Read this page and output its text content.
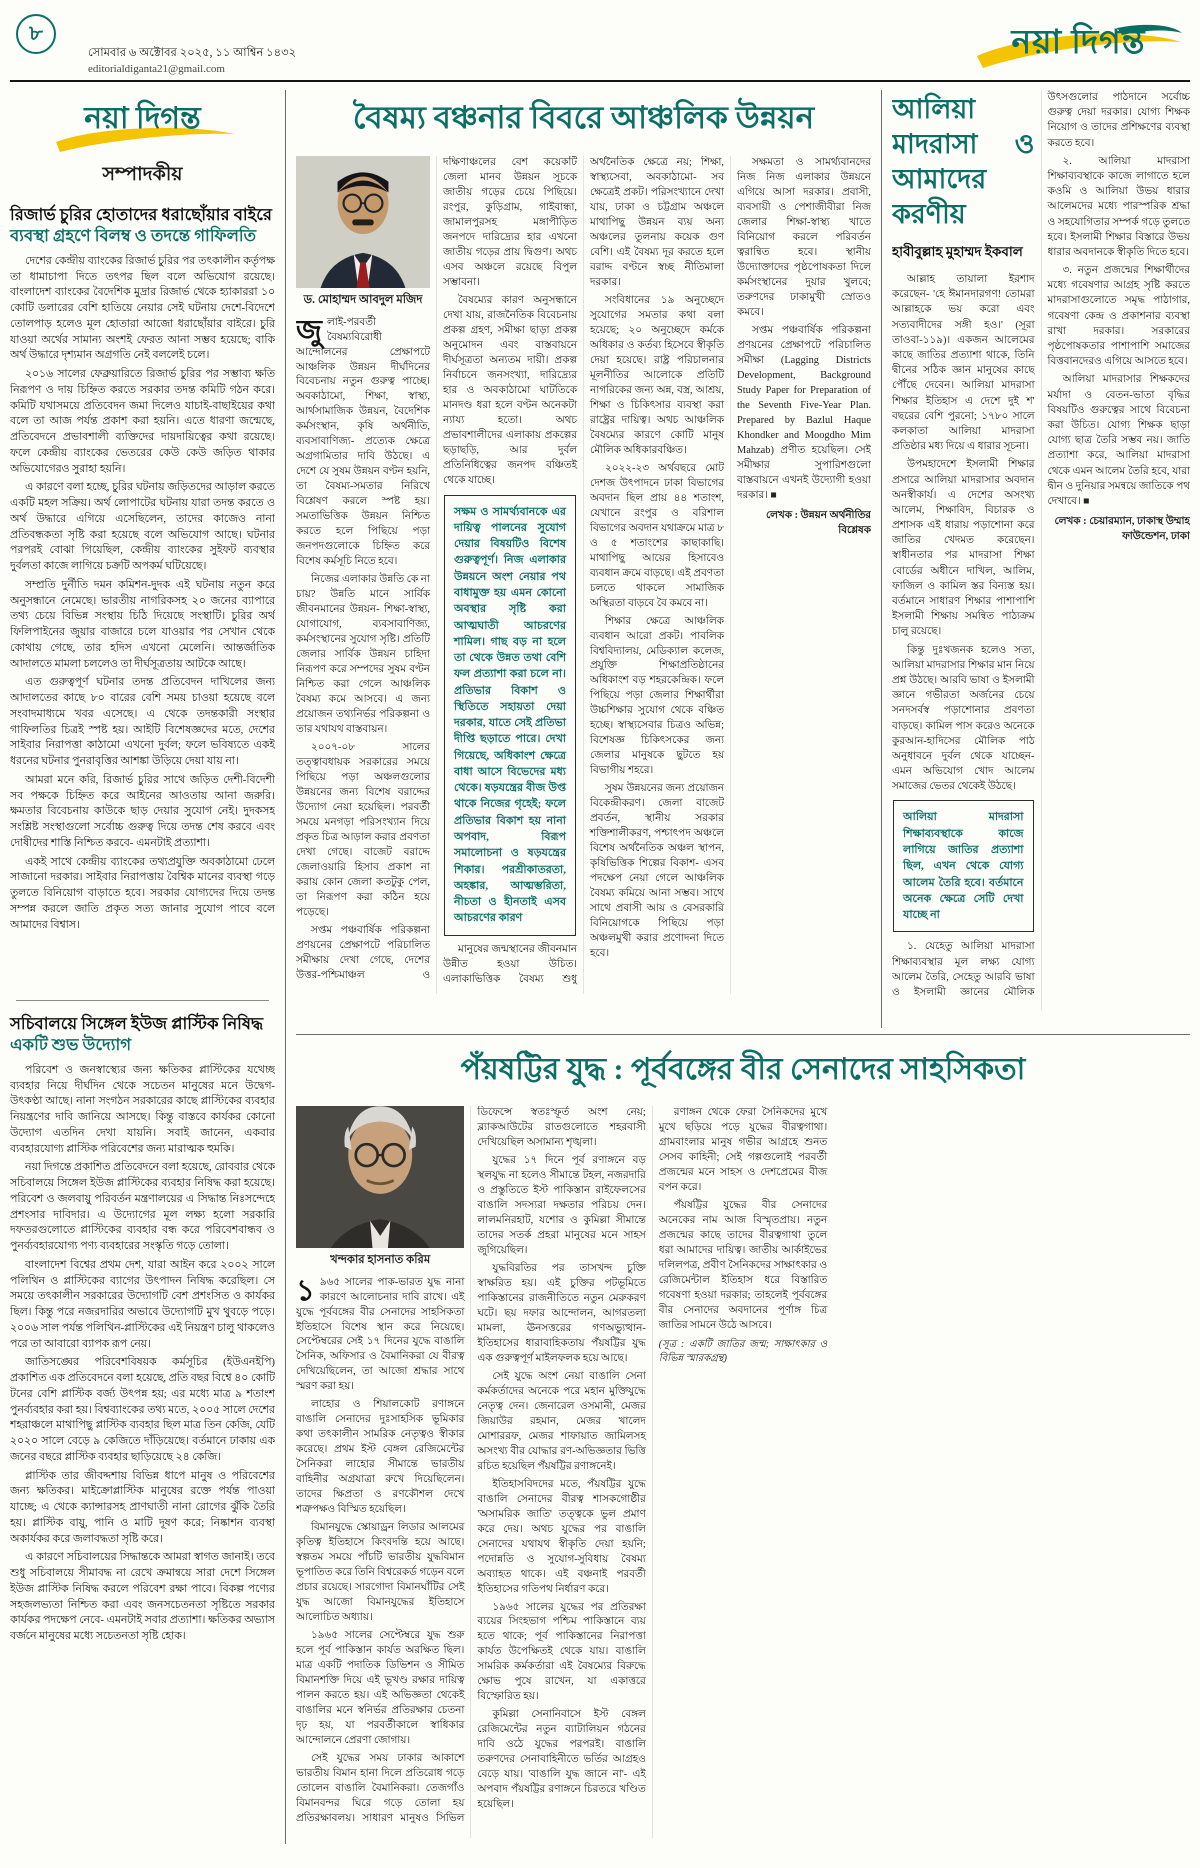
৮
সোমবার ৬ অক্টোবর ২০২৫, ১১ আশ্বিন ১৪৩২
editorialdiganta21@gmail.com
নয়া দিগন্ত
নয়া দিগন্ত
সম্পাদকীয়
রিজার্ভ চুরির হোতাদের ধরাছোঁয়ার বাইরে
ব্যবস্থা গ্রহণে বিলম্ব ও তদন্তে গাফিলতি

দেশের কেন্দ্রীয় ব্যাংকের রিজার্ভ চুরির পর তৎকালীন কর্তৃপক্ষ তা ধামাচাপা দিতে তৎপর ছিল বলে অভিযোগ রয়েছে। বাংলাদেশ ব্যাংকের বৈদেশিক মুদ্রার রিজার্ভ থেকে হ্যাকাররা ১০ কোটি ডলারের বেশি হাতিয়ে নেয়ার সেই ঘটনায় দেশে-বিদেশে তোলপাড় হলেও মূল হোতারা আজো ধরাছোঁয়ার বাইরে। চুরি যাওয়া অর্থের সামান্য অংশই ফেরত আনা সম্ভব হয়েছে; বাকি অর্থ উদ্ধারে দৃশ্যমান অগ্রগতি নেই বললেই চলে।

২০১৬ সালের ফেব্রুয়ারিতে রিজার্ভ চুরির পর সম্ভাব্য ক্ষতি নিরূপণ ও দায় চিহ্নিত করতে সরকার তদন্ত কমিটি গঠন করে। কমিটি যথাসময়ে প্রতিবেদন জমা দিলেও যাচাই-বাছাইয়ের কথা বলে তা আজ পর্যন্ত প্রকাশ করা হয়নি। এতে ধারণা জন্মেছে, প্রতিবেদনে প্রভাবশালী ব্যক্তিদের দায়দায়িত্বের কথা রয়েছে। ফলে কেন্দ্রীয় ব্যাংকের ভেতরের কেউ কেউ জড়িত থাকার অভিযোগেরও সুরাহা হয়নি।

এ কারণে বলা হচ্ছে, চুরির ঘটনায় জড়িতদের আড়াল করতে একটি মহল সক্রিয়। অর্থ লোপাটের ঘটনায় যারা তদন্ত করতে ও অর্থ উদ্ধারে এগিয়ে এসেছিলেন, তাদের কাজেও নানা প্রতিবন্ধকতা সৃষ্টি করা হয়েছে বলে অভিযোগ আছে। ঘটনার পরপরই বোঝা গিয়েছিল, কেন্দ্রীয় ব্যাংকের সুইফট ব্যবস্থার দুর্বলতা কাজে লাগিয়ে চক্রটি অপকর্ম ঘটিয়েছে।

সম্প্রতি দুর্নীতি দমন কমিশন-দুদক এই ঘটনায় নতুন করে অনুসন্ধানে নেমেছে। ভারতীয় নাগরিকসহ ২০ জনের ব্যাপারে তথ্য চেয়ে বিভিন্ন সংস্থায় চিঠি দিয়েছে সংস্থাটি। চুরির অর্থ ফিলিপাইনের জুয়ার বাজারে চলে যাওয়ার পর সেখান থেকে কোথায় গেছে, তার হদিস এখনো মেলেনি। আন্তর্জাতিক আদালতে মামলা চললেও তা দীর্ঘসূত্রতায় আটকে আছে।

এত গুরুত্বপূর্ণ ঘটনার তদন্ত প্রতিবেদন দাখিলের জন্য আদালতের কাছে ৮০ বারের বেশি সময় চাওয়া হয়েছে বলে সংবাদমাধ্যমে খবর এসেছে। এ থেকে তদন্তকারী সংস্থার গাফিলতির চিত্রই স্পষ্ট হয়। আইটি বিশেষজ্ঞদের মতে, দেশের সাইবার নিরাপত্তা কাঠামো এখনো দুর্বল; ফলে ভবিষ্যতে একই ধরনের ঘটনার পুনরাবৃত্তির আশঙ্কা উড়িয়ে দেয়া যায় না।

আমরা মনে করি, রিজার্ভ চুরির সাথে জড়িত দেশী-বিদেশী সব পক্ষকে চিহ্নিত করে আইনের আওতায় আনা জরুরি। ক্ষমতার বিবেচনায় কাউকে ছাড় দেয়ার সুযোগ নেই। দুদকসহ সংশ্লিষ্ট সংস্থাগুলো সর্বোচ্চ গুরুত্ব দিয়ে তদন্ত শেষ করবে এবং দোষীদের শাস্তি নিশ্চিত করবে- এমনটাই প্রত্যাশা।

একই সাথে কেন্দ্রীয় ব্যাংকের তথ্যপ্রযুক্তি অবকাঠামো ঢেলে সাজানো দরকার। সাইবার নিরাপত্তায় বৈশ্বিক মানের ব্যবস্থা গড়ে তুলতে বিনিয়োগ বাড়াতে হবে। সরকার যোগ্যদের দিয়ে তদন্ত সম্পন্ন করলে জাতি প্রকৃত সত্য জানার সুযোগ পাবে বলে আমাদের বিশ্বাস।

সচিবালয়ে সিঙ্গেল ইউজ প্লাস্টিক নিষিদ্ধ
একটি শুভ উদ্যোগ

পরিবেশ ও জনস্বাস্থ্যের জন্য ক্ষতিকর প্লাস্টিকের যথেচ্ছ ব্যবহার নিয়ে দীর্ঘদিন থেকে সচেতন মানুষের মনে উদ্বেগ-উৎকণ্ঠা আছে। নানা সংগঠন সরকারের কাছে প্লাস্টিকের ব্যবহার নিয়ন্ত্রণের দাবি জানিয়ে আসছে। কিন্তু বাস্তবে কার্যকর কোনো উদ্যোগ এতদিন দেখা যায়নি। সবাই জানেন, একবার ব্যবহারযোগ্য প্লাস্টিক পরিবেশের জন্য মারাত্মক হুমকি।

নয়া দিগন্তে প্রকাশিত প্রতিবেদনে বলা হয়েছে, রোববার থেকে সচিবালয়ে সিঙ্গেল ইউজ প্লাস্টিকের ব্যবহার নিষিদ্ধ করা হয়েছে। পরিবেশ ও জলবায়ু পরিবর্তন মন্ত্রণালয়ের এ সিদ্ধান্ত নিঃসন্দেহে প্রশংসার দাবিদার। এ উদ্যোগের মূল লক্ষ্য হলো সরকারি দফতরগুলোতে প্লাস্টিকের ব্যবহার বন্ধ করে পরিবেশবান্ধব ও পুনর্ব্যবহারযোগ্য পণ্য ব্যবহারের সংস্কৃতি গড়ে তোলা।

বাংলাদেশ বিশ্বের প্রথম দেশ, যারা আইন করে ২০০২ সালে পলিথিন ও প্লাস্টিকের ব্যাগের উৎপাদন নিষিদ্ধ করেছিল। সে সময়ে তৎকালীন সরকারের উদ্যোগটি বেশ প্রশংসিত ও কার্যকর ছিল। কিন্তু পরে নজরদারির অভাবে উদ্যোগটি মুখ থুবড়ে পড়ে। ২০০৬ সাল পর্যন্ত পলিথিন-প্লাস্টিকের এই নিয়ন্ত্রণ চালু থাকলেও পরে তা আবারো ব্যাপক রূপ নেয়।

জাতিসঙ্ঘের পরিবেশবিষয়ক কর্মসূচির (ইউএনইপি) প্রকাশিত এক প্রতিবেদনে বলা হয়েছে, প্রতি বছর বিশ্বে ৪০ কোটি টনের বেশি প্লাস্টিক বর্জ্য উৎপন্ন হয়; এর মধ্যে মাত্র ৯ শতাংশ পুনর্ব্যবহার করা হয়। বিশ্বব্যাংকের তথ্য মতে, ২০০৫ সালে দেশের শহরাঞ্চলে মাথাপিছু প্লাস্টিক ব্যবহার ছিল মাত্র তিন কেজি, যেটি ২০২০ সালে বেড়ে ৯ কেজিতে দাঁড়িয়েছে। বর্তমানে ঢাকায় এক জনের বছরে প্লাস্টিক ব্যবহার ছাড়িয়েছে ২৪ কেজি।

প্লাস্টিক তার জীবদ্দশায় বিভিন্ন ধাপে মানুষ ও পরিবেশের জন্য ক্ষতিকর। মাইক্রোপ্লাস্টিক মানুষের রক্তে পর্যন্ত পাওয়া যাচ্ছে; এ থেকে ক্যান্সারসহ প্রাণঘাতী নানা রোগের ঝুঁকি তৈরি হয়। প্লাস্টিক বায়ু, পানি ও মাটি দূষণ করে; নিষ্কাশন ব্যবস্থা অকার্যকর করে জলাবদ্ধতা সৃষ্টি করে।

এ কারণে সচিবালয়ের সিদ্ধান্তকে আমরা স্বাগত জানাই। তবে শুধু সচিবালয়ে সীমাবদ্ধ না রেখে ক্রমান্বয়ে সারা দেশে সিঙ্গেল ইউজ প্লাস্টিক নিষিদ্ধ করলে পরিবেশ রক্ষা পাবে। বিকল্প পণ্যের সহজলভ্যতা নিশ্চিত করা এবং জনসচেতনতা সৃষ্টিতে সরকার কার্যকর পদক্ষেপ নেবে- এমনটাই সবার প্রত্যাশা। ক্ষতিকর অভ্যাস বর্জনে মানুষের মধ্যে সচেতনতা সৃষ্টি হোক।

বৈষম্য বঞ্চনার বিবরে আঞ্চলিক উন্নয়ন
ড. মোহাম্মদ আবদুল মজিদ

জুলাই-পরবর্তী বৈষম্যবিরোধী আন্দোলনের প্রেক্ষাপটে আঞ্চলিক উন্নয়ন দীর্ঘদিনের বিবেচনায় নতুন গুরুত্ব পাচ্ছে। অবকাঠামো, শিক্ষা, স্বাস্থ্য, আর্থসামাজিক উন্নয়ন, বৈদেশিক কর্মসংস্থান, কৃষি অর্থনীতি, ব্যবসাবাণিজ্য- প্রত্যেক ক্ষেত্রে অগ্রগামিতার দাবি উঠছে। এ দেশে যে সুষম উন্নয়ন বণ্টন হয়নি, তা বৈষম্য-সমতার নিরিখে বিশ্লেষণ করলে স্পষ্ট হয়। সমতাভিত্তিক উন্নয়ন নিশ্চিত করতে হলে পিছিয়ে পড়া জনপদগুলোকে চিহ্নিত করে বিশেষ কর্মসূচি নিতে হবে।

নিজের এলাকার উন্নতি কে না চায়? উন্নতি মানে সার্বিক জীবনমানের উন্নয়ন- শিক্ষা-স্বাস্থ্য, যোগাযোগ, ব্যবসাবাণিজ্য, কর্মসংস্থানের সুযোগ সৃষ্টি। প্রতিটি জেলার সার্বিক উন্নয়ন চাহিদা নিরূপণ করে সম্পদের সুষম বণ্টন নিশ্চিত করা গেলে আঞ্চলিক বৈষম্য কমে আসবে। এ জন্য প্রয়োজন তথ্যনির্ভর পরিকল্পনা ও তার যথাযথ বাস্তবায়ন।

২০০৭-০৮ সালের তত্ত্বাবধায়ক সরকারের সময়ে পিছিয়ে পড়া অঞ্চলগুলোর উন্নয়নের জন্য বিশেষ বরাদ্দের উদ্যোগ নেয়া হয়েছিল। পরবর্তী সময়ে মনগড়া পরিসংখ্যান দিয়ে প্রকৃত চিত্র আড়াল করার প্রবণতা দেখা গেছে। বাজেট বরাদ্দে জেলাওয়ারি হিসাব প্রকাশ না করায় কোন জেলা কতটুকু পেল, তা নিরূপণ করা কঠিন হয়ে পড়েছে।

সপ্তম পঞ্চবার্ষিক পরিকল্পনা প্রণয়নের প্রেক্ষাপটে পরিচালিত সমীক্ষায় দেখা গেছে, দেশের উত্তর-পশ্চিমাঞ্চল ও দক্ষিণাঞ্চলের বেশ কয়েকটি জেলা মানব উন্নয়ন সূচকে জাতীয় গড়ের চেয়ে পিছিয়ে। রংপুর, কুড়িগ্রাম, গাইবান্ধা, জামালপুরসহ মঙ্গাপীড়িত জনপদে দারিদ্র্যের হার এখনো জাতীয় গড়ের প্রায় দ্বিগুণ। অথচ এসব অঞ্চলে রয়েছে বিপুল সম্ভাবনা।

বৈষম্যের কারণ অনুসন্ধানে দেখা যায়, রাজনৈতিক বিবেচনায় প্রকল্প গ্রহণ, সমীক্ষা ছাড়া প্রকল্প অনুমোদন এবং বাস্তবায়নে দীর্ঘসূত্রতা অন্যতম দায়ী। প্রকল্প নির্বাচনে জনসংখ্যা, দারিদ্র্যের হার ও অবকাঠামো ঘাটতিকে মানদণ্ড ধরা হলে বণ্টন অনেকটা ন্যায্য হতো। অথচ প্রভাবশালীদের এলাকায় প্রকল্পের ছড়াছড়ি, আর দুর্বল প্রতিনিধিত্বের জনপদ বঞ্চিতই থেকে যাচ্ছে।

সক্ষম ও সামর্থ্যবানকে এর দায়িত্ব পালনের সুযোগ দেয়ার বিষয়টিও বিশেষ গুরুত্বপূর্ণ। নিজ এলাকার উন্নয়নে অংশ নেয়ার পথ বাধামুক্ত হয় এমন কোনো অবস্থার সৃষ্টি করা আত্মঘাতী আচরণের শামিল। গাছ বড় না হলে তা থেকে উন্নত তথা বেশি ফল প্রত্যাশা করা চলে না। প্রতিভার বিকাশ ও স্থিতিতে সহায়তা দেয়া দরকার, যাতে সেই প্রতিভা দীপ্তি ছড়াতে পারে। দেখা গিয়েছে, অধিকাংশ ক্ষেত্রে বাধা আসে বিভেদের মধ্য থেকে। ষড়যন্ত্রের বীজ উপ্ত থাকে নিজের গৃহেই; ফলে প্রতিভার বিকাশ হয় নানা অপবাদ, বিরূপ সমালোচনা ও ষড়যন্ত্রের শিকার। পরশ্রীকাতরতা, অহঙ্কার, আত্মম্ভরিতা, নীচতা ও হীনতাই এসব আচরণের কারণ

মানুষের জন্মস্থানের জীবনমান উন্নীত হওয়া উচিত। এলাকাভিত্তিক বৈষম্য শুধু অর্থনৈতিক ক্ষেত্রে নয়; শিক্ষা, স্বাস্থ্যসেবা, অবকাঠামো- সব ক্ষেত্রেই প্রকট। পরিসংখ্যানে দেখা যায়, ঢাকা ও চট্টগ্রাম অঞ্চলে মাথাপিছু উন্নয়ন ব্যয় অন্য অঞ্চলের তুলনায় কয়েক গুণ বেশি। এই বৈষম্য দূর করতে হলে বরাদ্দ বণ্টনে স্বচ্ছ নীতিমালা দরকার।

সংবিধানের ১৯ অনুচ্ছেদে সুযোগের সমতার কথা বলা হয়েছে; ২০ অনুচ্ছেদে কর্মকে অধিকার ও কর্তব্য হিসেবে স্বীকৃতি দেয়া হয়েছে। রাষ্ট্র পরিচালনার মূলনীতির আলোকে প্রতিটি নাগরিকের জন্য অন্ন, বস্ত্র, আশ্রয়, শিক্ষা ও চিকিৎসার ব্যবস্থা করা রাষ্ট্রের দায়িত্ব। অথচ আঞ্চলিক বৈষম্যের কারণে কোটি মানুষ মৌলিক অধিকারবঞ্চিত।

২০২২-২৩ অর্থবছরে মোট দেশজ উৎপাদনে ঢাকা বিভাগের অবদান ছিল প্রায় ৪৪ শতাংশ, যেখানে রংপুর ও বরিশাল বিভাগের অবদান যথাক্রমে মাত্র ৮ ও ৫ শতাংশের কাছাকাছি। মাথাপিছু আয়ের হিসাবেও ব্যবধান ক্রমে বাড়ছে। এই প্রবণতা চলতে থাকলে সামাজিক অস্থিরতা বাড়বে বৈ কমবে না।

শিক্ষার ক্ষেত্রে আঞ্চলিক ব্যবধান আরো প্রকট। পাবলিক বিশ্ববিদ্যালয়, মেডিক্যাল কলেজ, প্রযুক্তি শিক্ষাপ্রতিষ্ঠানের অধিকাংশ বড় শহরকেন্দ্রিক। ফলে পিছিয়ে পড়া জেলার শিক্ষার্থীরা উচ্চশিক্ষার সুযোগ থেকে বঞ্চিত হচ্ছে। স্বাস্থ্যসেবার চিত্রও অভিন্ন; বিশেষজ্ঞ চিকিৎসকের জন্য জেলার মানুষকে ছুটতে হয় বিভাগীয় শহরে।

সুষম উন্নয়নের জন্য প্রয়োজন বিকেন্দ্রীকরণ। জেলা বাজেট প্রবর্তন, স্থানীয় সরকার শক্তিশালীকরণ, পশ্চাৎপদ অঞ্চলে বিশেষ অর্থনৈতিক অঞ্চল স্থাপন, কৃষিভিত্তিক শিল্পের বিকাশ- এসব পদক্ষেপ নেয়া গেলে আঞ্চলিক বৈষম্য কমিয়ে আনা সম্ভব। সাথে সাথে প্রবাসী আয় ও বেসরকারি বিনিয়োগকে পিছিয়ে পড়া অঞ্চলমুখী করার প্রণোদনা দিতে হবে।

সক্ষমতা ও সামর্থ্যবানদের নিজ নিজ এলাকার উন্নয়নে এগিয়ে আসা দরকার। প্রবাসী, ব্যবসায়ী ও পেশাজীবীরা নিজ জেলার শিক্ষা-স্বাস্থ্য খাতে বিনিয়োগ করলে পরিবর্তন ত্বরান্বিত হবে। স্থানীয় উদ্যোক্তাদের পৃষ্ঠপোষকতা দিলে কর্মসংস্থানের দুয়ার খুলবে; তরুণদের ঢাকামুখী স্রোতও কমবে।

সপ্তম পঞ্চবার্ষিক পরিকল্পনা প্রণয়নের প্রেক্ষাপটে পরিচালিত সমীক্ষা (Lagging Districts Development, Background Study Paper for Preparation of the Seventh Five-Year Plan. Prepared by Bazlul Haque Khondker and Moogdho Mim Mahzab) প্রণীত হয়েছিল। সেই সমীক্ষার সুপারিশগুলো বাস্তবায়নে এখনই উদ্যোগী হওয়া দরকার। ■

লেখক : উন্নয়ন অর্থনীতির বিশ্লেষক

আলিয়া মাদরাসা ও আমাদের করণীয়
হাবীবুল্লাহ মুহাম্মদ ইকবাল

আল্লাহ তায়ালা ইরশাদ করেছেন- 'হে ঈমানদারগণ! তোমরা আল্লাহকে ভয় করো এবং সত্যবাদীদের সঙ্গী হও।' (সূরা তাওবা-১১৯)। একজন আলেমের কাছে জাতির প্রত্যাশা থাকে, তিনি দ্বীনের সঠিক জ্ঞান মানুষের কাছে পৌঁছে দেবেন। আলিয়া মাদরাসা শিক্ষার ইতিহাস এ দেশে দুই শ' বছরের বেশি পুরনো; ১৭৮০ সালে কলকাতা আলিয়া মাদরাসা প্রতিষ্ঠার মধ্য দিয়ে এ ধারার সূচনা।

উপমহাদেশে ইসলামী শিক্ষার প্রসারে আলিয়া মাদরাসার অবদান অনস্বীকার্য। এ দেশের অসংখ্য আলেম, শিক্ষাবিদ, বিচারক ও প্রশাসক এই ধারায় পড়াশোনা করে জাতির খেদমত করেছেন। স্বাধীনতার পর মাদরাসা শিক্ষা বোর্ডের অধীনে দাখিল, আলিম, ফাজিল ও কামিল স্তর বিন্যস্ত হয়। বর্তমানে সাধারণ শিক্ষার পাশাপাশি ইসলামী শিক্ষায় সমন্বিত পাঠ্যক্রম চালু রয়েছে।

কিন্তু দুঃখজনক হলেও সত্য, আলিয়া মাদরাসার শিক্ষার মান নিয়ে প্রশ্ন উঠছে। আরবি ভাষা ও ইসলামী জ্ঞানে গভীরতা অর্জনের চেয়ে সনদসর্বস্ব পড়াশোনার প্রবণতা বাড়ছে। কামিল পাস করেও অনেকে কুরআন-হাদিসের মৌলিক পাঠ অনুধাবনে দুর্বল থেকে যাচ্ছেন- এমন অভিযোগ খোদ আলেম সমাজের ভেতর থেকেই উঠছে।

আলিয়া মাদরাসা শিক্ষাব্যবস্থাকে কাজে লাগিয়ে জাতির প্রত্যাশা ছিল, এখন থেকে যোগ্য আলেম তৈরি হবে। বর্তমানে অনেক ক্ষেত্রে সেটি দেখা যাচ্ছে না

১. যেহেতু আলিয়া মাদরাসা শিক্ষাব্যবস্থার মূল লক্ষ্য যোগ্য আলেম তৈরি, সেহেতু আরবি ভাষা ও ইসলামী জ্ঞানের মৌলিক উৎসগুলোর পাঠদানে সর্বোচ্চ গুরুত্ব দেয়া দরকার। যোগ্য শিক্ষক নিয়োগ ও তাদের প্রশিক্ষণের ব্যবস্থা করতে হবে।

২. আলিয়া মাদরাসা শিক্ষাব্যবস্থাকে কাজে লাগাতে হলে কওমি ও আলিয়া উভয় ধারার আলেমদের মধ্যে পারস্পরিক শ্রদ্ধা ও সহযোগিতার সম্পর্ক গড়ে তুলতে হবে। ইসলামী শিক্ষার বিস্তারে উভয় ধারার অবদানকে স্বীকৃতি দিতে হবে।

৩. নতুন প্রজন্মের শিক্ষার্থীদের মধ্যে গবেষণার আগ্রহ সৃষ্টি করতে মাদরাসাগুলোতে সমৃদ্ধ পাঠাগার, গবেষণা কেন্দ্র ও প্রকাশনার ব্যবস্থা রাখা দরকার। সরকারের পৃষ্ঠপোষকতার পাশাপাশি সমাজের বিত্তবানদেরও এগিয়ে আসতে হবে।

আলিয়া মাদরাসার শিক্ষকদের মর্যাদা ও বেতন-ভাতা বৃদ্ধির বিষয়টিও গুরুত্বের সাথে বিবেচনা করা উচিত। যোগ্য শিক্ষক ছাড়া যোগ্য ছাত্র তৈরি সম্ভব নয়। জাতি প্রত্যাশা করে, আলিয়া মাদরাসা থেকে এমন আলেম তৈরি হবে, যারা দ্বীন ও দুনিয়ার সমন্বয়ে জাতিকে পথ দেখাবে। ■

লেখক : চেয়ারম্যান, ঢাকাস্থ উম্মাহ ফাউন্ডেশন, ঢাকা

পঁয়ষট্টির যুদ্ধ : পূর্ববঙ্গের বীর সেনাদের সাহসিকতা
খন্দকার হাসনাত করিম

১ ৯৬৫ সালের পাক-ভারত যুদ্ধ নানা কারণে আলোচনার দাবি রাখে। এই যুদ্ধে পূর্ববঙ্গের বীর সেনাদের সাহসিকতা ইতিহাসে বিশেষ স্থান করে নিয়েছে। সেপ্টেম্বরের সেই ১৭ দিনের যুদ্ধে বাঙালি সৈনিক, অফিসার ও বৈমানিকরা যে বীরত্ব দেখিয়েছিলেন, তা আজো শ্রদ্ধার সাথে স্মরণ করা হয়।

লাহোর ও শিয়ালকোট রণাঙ্গনে বাঙালি সেনাদের দুঃসাহসিক ভূমিকার কথা তৎকালীন সামরিক নেতৃত্বও স্বীকার করেছে। প্রথম ইস্ট বেঙ্গল রেজিমেন্টের সৈনিকরা লাহোর সীমান্তে ভারতীয় বাহিনীর অগ্রযাত্রা রুখে দিয়েছিলেন। তাদের ক্ষিপ্রতা ও রণকৌশল দেখে শত্রুপক্ষও বিস্মিত হয়েছিল।

বিমানযুদ্ধে স্কোয়াড্রন লিডার আলমের কৃতিত্ব ইতিহাসে কিংবদন্তি হয়ে আছে। স্বল্পতম সময়ে পাঁচটি ভারতীয় যুদ্ধবিমান ভূপাতিত করে তিনি বিশ্বরেকর্ড গড়েন বলে প্রচার রয়েছে। সারগোদা বিমানঘাঁটির সেই যুদ্ধ আজো বিমানযুদ্ধের ইতিহাসে আলোচিত অধ্যায়।

১৯৬৫ সালের সেপ্টেম্বরে যুদ্ধ শুরু হলে পূর্ব পাকিস্তান কার্যত অরক্ষিত ছিল। মাত্র একটি পদাতিক ডিভিশন ও সীমিত বিমানশক্তি দিয়ে এই ভূখণ্ড রক্ষার দায়িত্ব পালন করতে হয়। এই অভিজ্ঞতা থেকেই বাঙালির মনে স্বনির্ভর প্রতিরক্ষার চেতনা দৃঢ় হয়, যা পরবর্তীকালে স্বাধিকার আন্দোলনে প্রেরণা জোগায়।

সেই যুদ্ধের সময় ঢাকার আকাশে ভারতীয় বিমান হানা দিলে প্রতিরোধ গড়ে তোলেন বাঙালি বৈমানিকরা। তেজগাঁও বিমানবন্দর ঘিরে গড়ে তোলা হয় প্রতিরক্ষাবলয়। সাধারণ মানুষও সিভিল ডিফেন্সে স্বতঃস্ফূর্ত অংশ নেয়; ব্ল্যাকআউটের রাতগুলোতে শহরবাসী দেখিয়েছিল অসামান্য শৃঙ্খলা।

যুদ্ধের ১৭ দিনে পূর্ব রণাঙ্গনে বড় স্থলযুদ্ধ না হলেও সীমান্তে টহল, নজরদারি ও প্রস্তুতিতে ইস্ট পাকিস্তান রাইফেলসের বাঙালি সদস্যরা দক্ষতার পরিচয় দেন। লালমনিরহাট, যশোর ও কুমিল্লা সীমান্তে তাদের সতর্ক প্রহরা মানুষের মনে সাহস জুগিয়েছিল।

যুদ্ধবিরতির পর তাসখন্দ চুক্তি স্বাক্ষরিত হয়। এই চুক্তির পটভূমিতে পাকিস্তানের রাজনীতিতে নতুন মেরুকরণ ঘটে। ছয় দফার আন্দোলন, আগরতলা মামলা, ঊনসত্তরের গণঅভ্যুত্থান- ইতিহাসের ধারাবাহিকতায় পঁয়ষট্টির যুদ্ধ এক গুরুত্বপূর্ণ মাইলফলক হয়ে আছে।

সেই যুদ্ধে অংশ নেয়া বাঙালি সেনা কর্মকর্তাদের অনেকে পরে মহান মুক্তিযুদ্ধে নেতৃত্ব দেন। জেনারেল ওসমানী, মেজর জিয়াউর রহমান, মেজর খালেদ মোশাররফ, মেজর শাফায়াত জামিলসহ অসংখ্য বীর যোদ্ধার রণ-অভিজ্ঞতার ভিত্তি রচিত হয়েছিল পঁয়ষট্টির রণাঙ্গনেই।

ইতিহাসবিদদের মতে, পঁয়ষট্টির যুদ্ধে বাঙালি সেনাদের বীরত্ব শাসকগোষ্ঠীর 'অসামরিক জাতি' তত্ত্বকে ভুল প্রমাণ করে দেয়। অথচ যুদ্ধের পর বাঙালি সেনাদের যথাযথ স্বীকৃতি দেয়া হয়নি; পদোন্নতি ও সুযোগ-সুবিধায় বৈষম্য অব্যাহত থাকে। এই বঞ্চনাই পরবর্তী ইতিহাসের গতিপথ নির্ধারণ করে।

১৯৬৫ সালের যুদ্ধের পর প্রতিরক্ষা ব্যয়ের সিংহভাগ পশ্চিম পাকিস্তানে ব্যয় হতে থাকে; পূর্ব পাকিস্তানের নিরাপত্তা কার্যত উপেক্ষিতই থেকে যায়। বাঙালি সামরিক কর্মকর্তারা এই বৈষম্যের বিরুদ্ধে ক্ষোভ পুষে রাখেন, যা একাত্তরে বিস্ফোরিত হয়।

কুমিল্লা সেনানিবাসে ইস্ট বেঙ্গল রেজিমেন্টের নতুন ব্যাটালিয়ন গঠনের দাবি ওঠে যুদ্ধের পরপরই। বাঙালি তরুণদের সেনাবাহিনীতে ভর্তির আগ্রহও বেড়ে যায়। 'বাঙালি যুদ্ধ জানে না'- এই অপবাদ পঁয়ষট্টির রণাঙ্গনে চিরতরে খণ্ডিত হয়েছিল।

রণাঙ্গন থেকে ফেরা সৈনিকদের মুখে মুখে ছড়িয়ে পড়ে যুদ্ধের বীরত্বগাথা। গ্রামবাংলার মানুষ গভীর আগ্রহে শুনত সেসব কাহিনী; সেই গল্পগুলোই পরবর্তী প্রজন্মের মনে সাহস ও দেশপ্রেমের বীজ বপন করে।

পঁয়ষট্টির যুদ্ধের বীর সেনাদের অনেকের নাম আজ বিস্মৃতপ্রায়। নতুন প্রজন্মের কাছে তাদের বীরত্বগাথা তুলে ধরা আমাদের দায়িত্ব। জাতীয় আর্কাইভের দলিলপত্র, প্রবীণ সৈনিকদের সাক্ষাৎকার ও রেজিমেন্টাল ইতিহাস ধরে বিস্তারিত গবেষণা হওয়া দরকার; তাহলেই পূর্ববঙ্গের বীর সেনাদের অবদানের পূর্ণাঙ্গ চিত্র জাতির সামনে উঠে আসবে।

(সূত্র : একটি জাতির জন্ম; সাক্ষাৎকার ও বিভিন্ন স্মারকগ্রন্থ)
